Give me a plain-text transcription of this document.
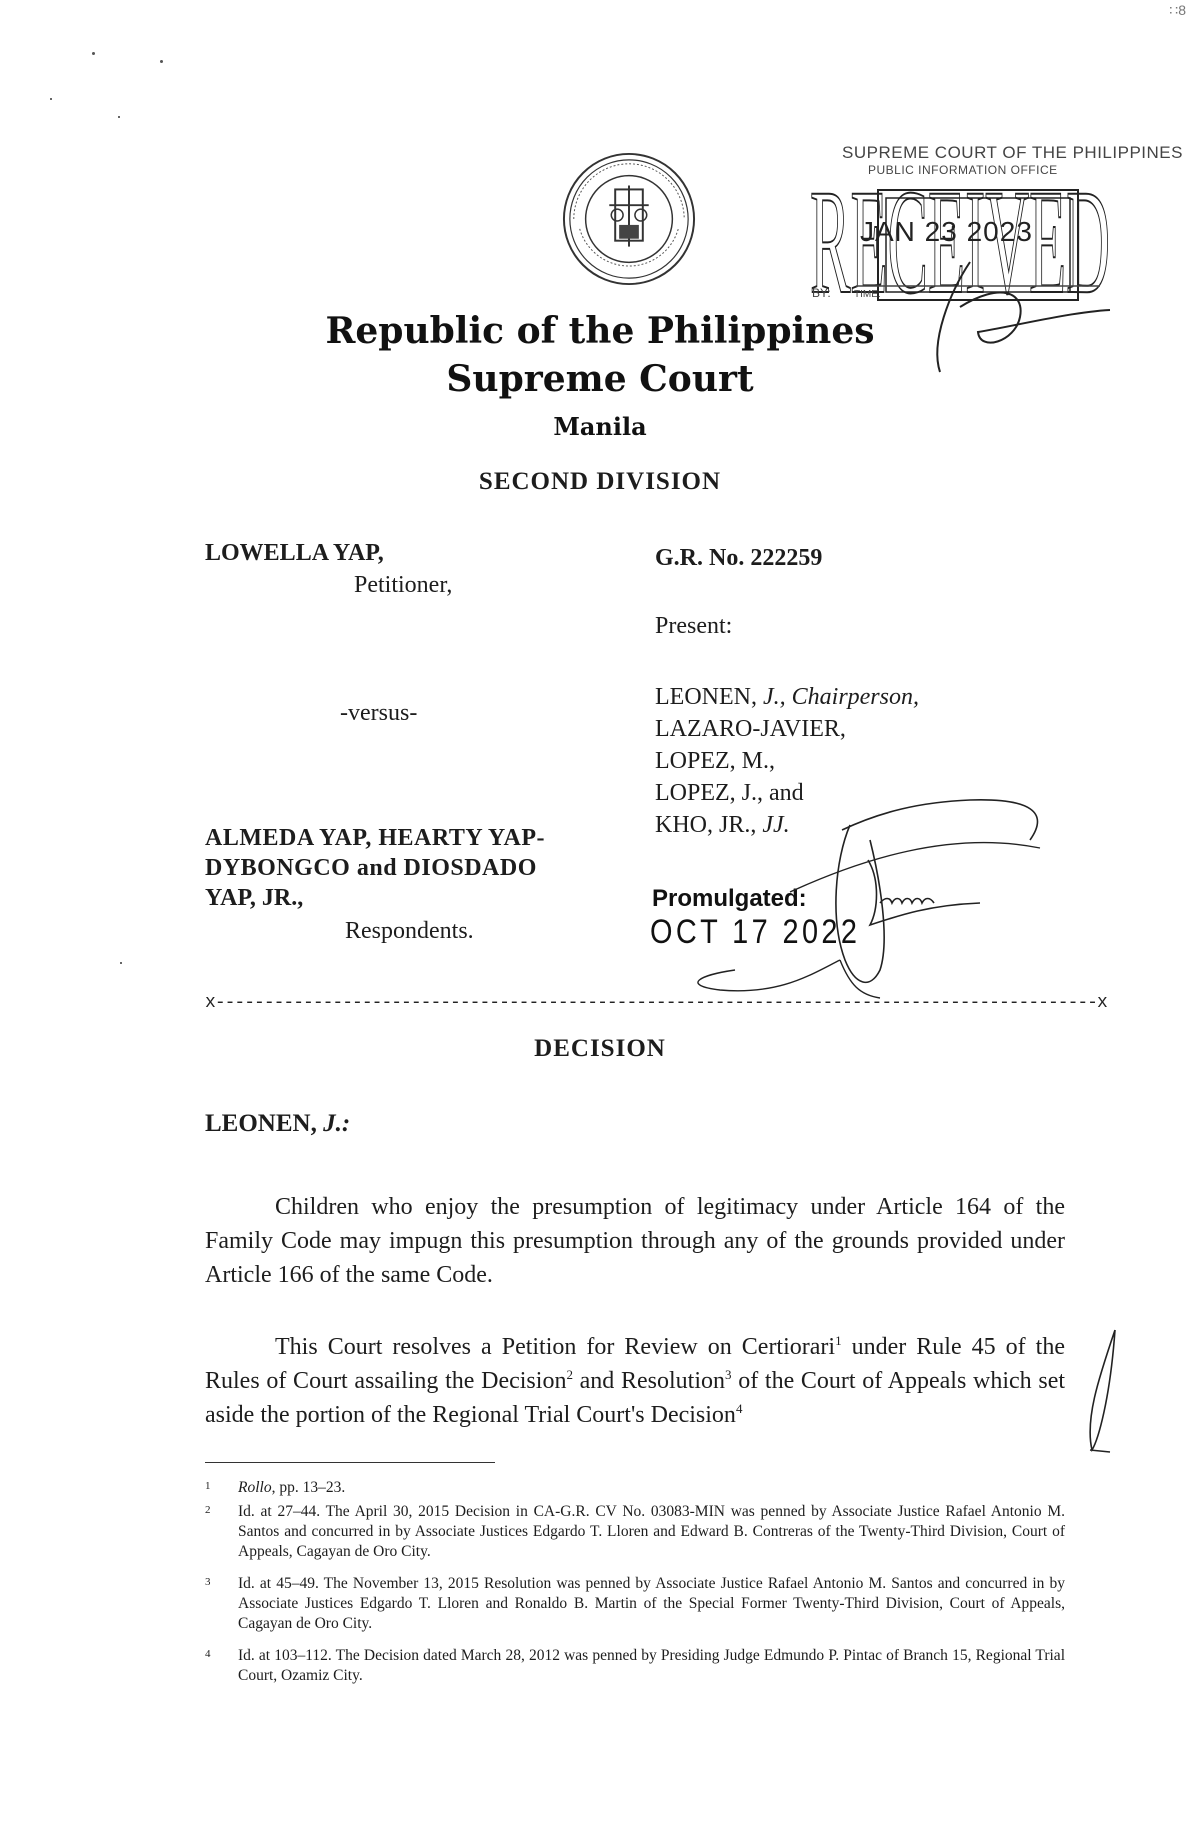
∷8
RECEIVED
SUPREME COURT OF THE PHILIPPINES
PUBLIC INFORMATION OFFICE
JAN 23 2023
BY: TIME:
Republic of the Philippines
Supreme Court
Manila
SECOND DIVISION
LOWELLA YAP,
Petitioner,
-versus-
ALMEDA YAP, HEARTY YAP-
DYBONGCO and DIOSDADO
YAP, JR.,
Respondents.
G.R. No. 222259
Present:
LEONEN, J., Chairperson,
LAZARO-JAVIER,
LOPEZ, M.,
LOPEZ, J., and
KHO, JR., JJ.
Promulgated:
OCT 17 2022
x------------------------------------------------------------------------------------------x
DECISION
LEONEN, J.:
Children who enjoy the presumption of legitimacy under Article 164 of the Family Code may impugn this presumption through any of the grounds provided under Article 166 of the same Code.
This Court resolves a Petition for Review on Certiorari$^1$ under Rule 45 of the Rules of Court assailing the Decision$^2$ and Resolution$^3$ of the Court of Appeals which set aside the portion of the Regional Trial Court's Decision$^4$
1 Rollo, pp. 13–23.
2 Id. at 27–44. The April 30, 2015 Decision in CA-G.R. CV No. 03083-MIN was penned by Associate Justice Rafael Antonio M. Santos and concurred in by Associate Justices Edgardo T. Lloren and Edward B. Contreras of the Twenty-Third Division, Court of Appeals, Cagayan de Oro City.
3 Id. at 45–49. The November 13, 2015 Resolution was penned by Associate Justice Rafael Antonio M. Santos and concurred in by Associate Justices Edgardo T. Lloren and Ronaldo B. Martin of the Special Former Twenty-Third Division, Court of Appeals, Cagayan de Oro City.
4 Id. at 103–112. The Decision dated March 28, 2012 was penned by Presiding Judge Edmundo P. Pintac of Branch 15, Regional Trial Court, Ozamiz City.
